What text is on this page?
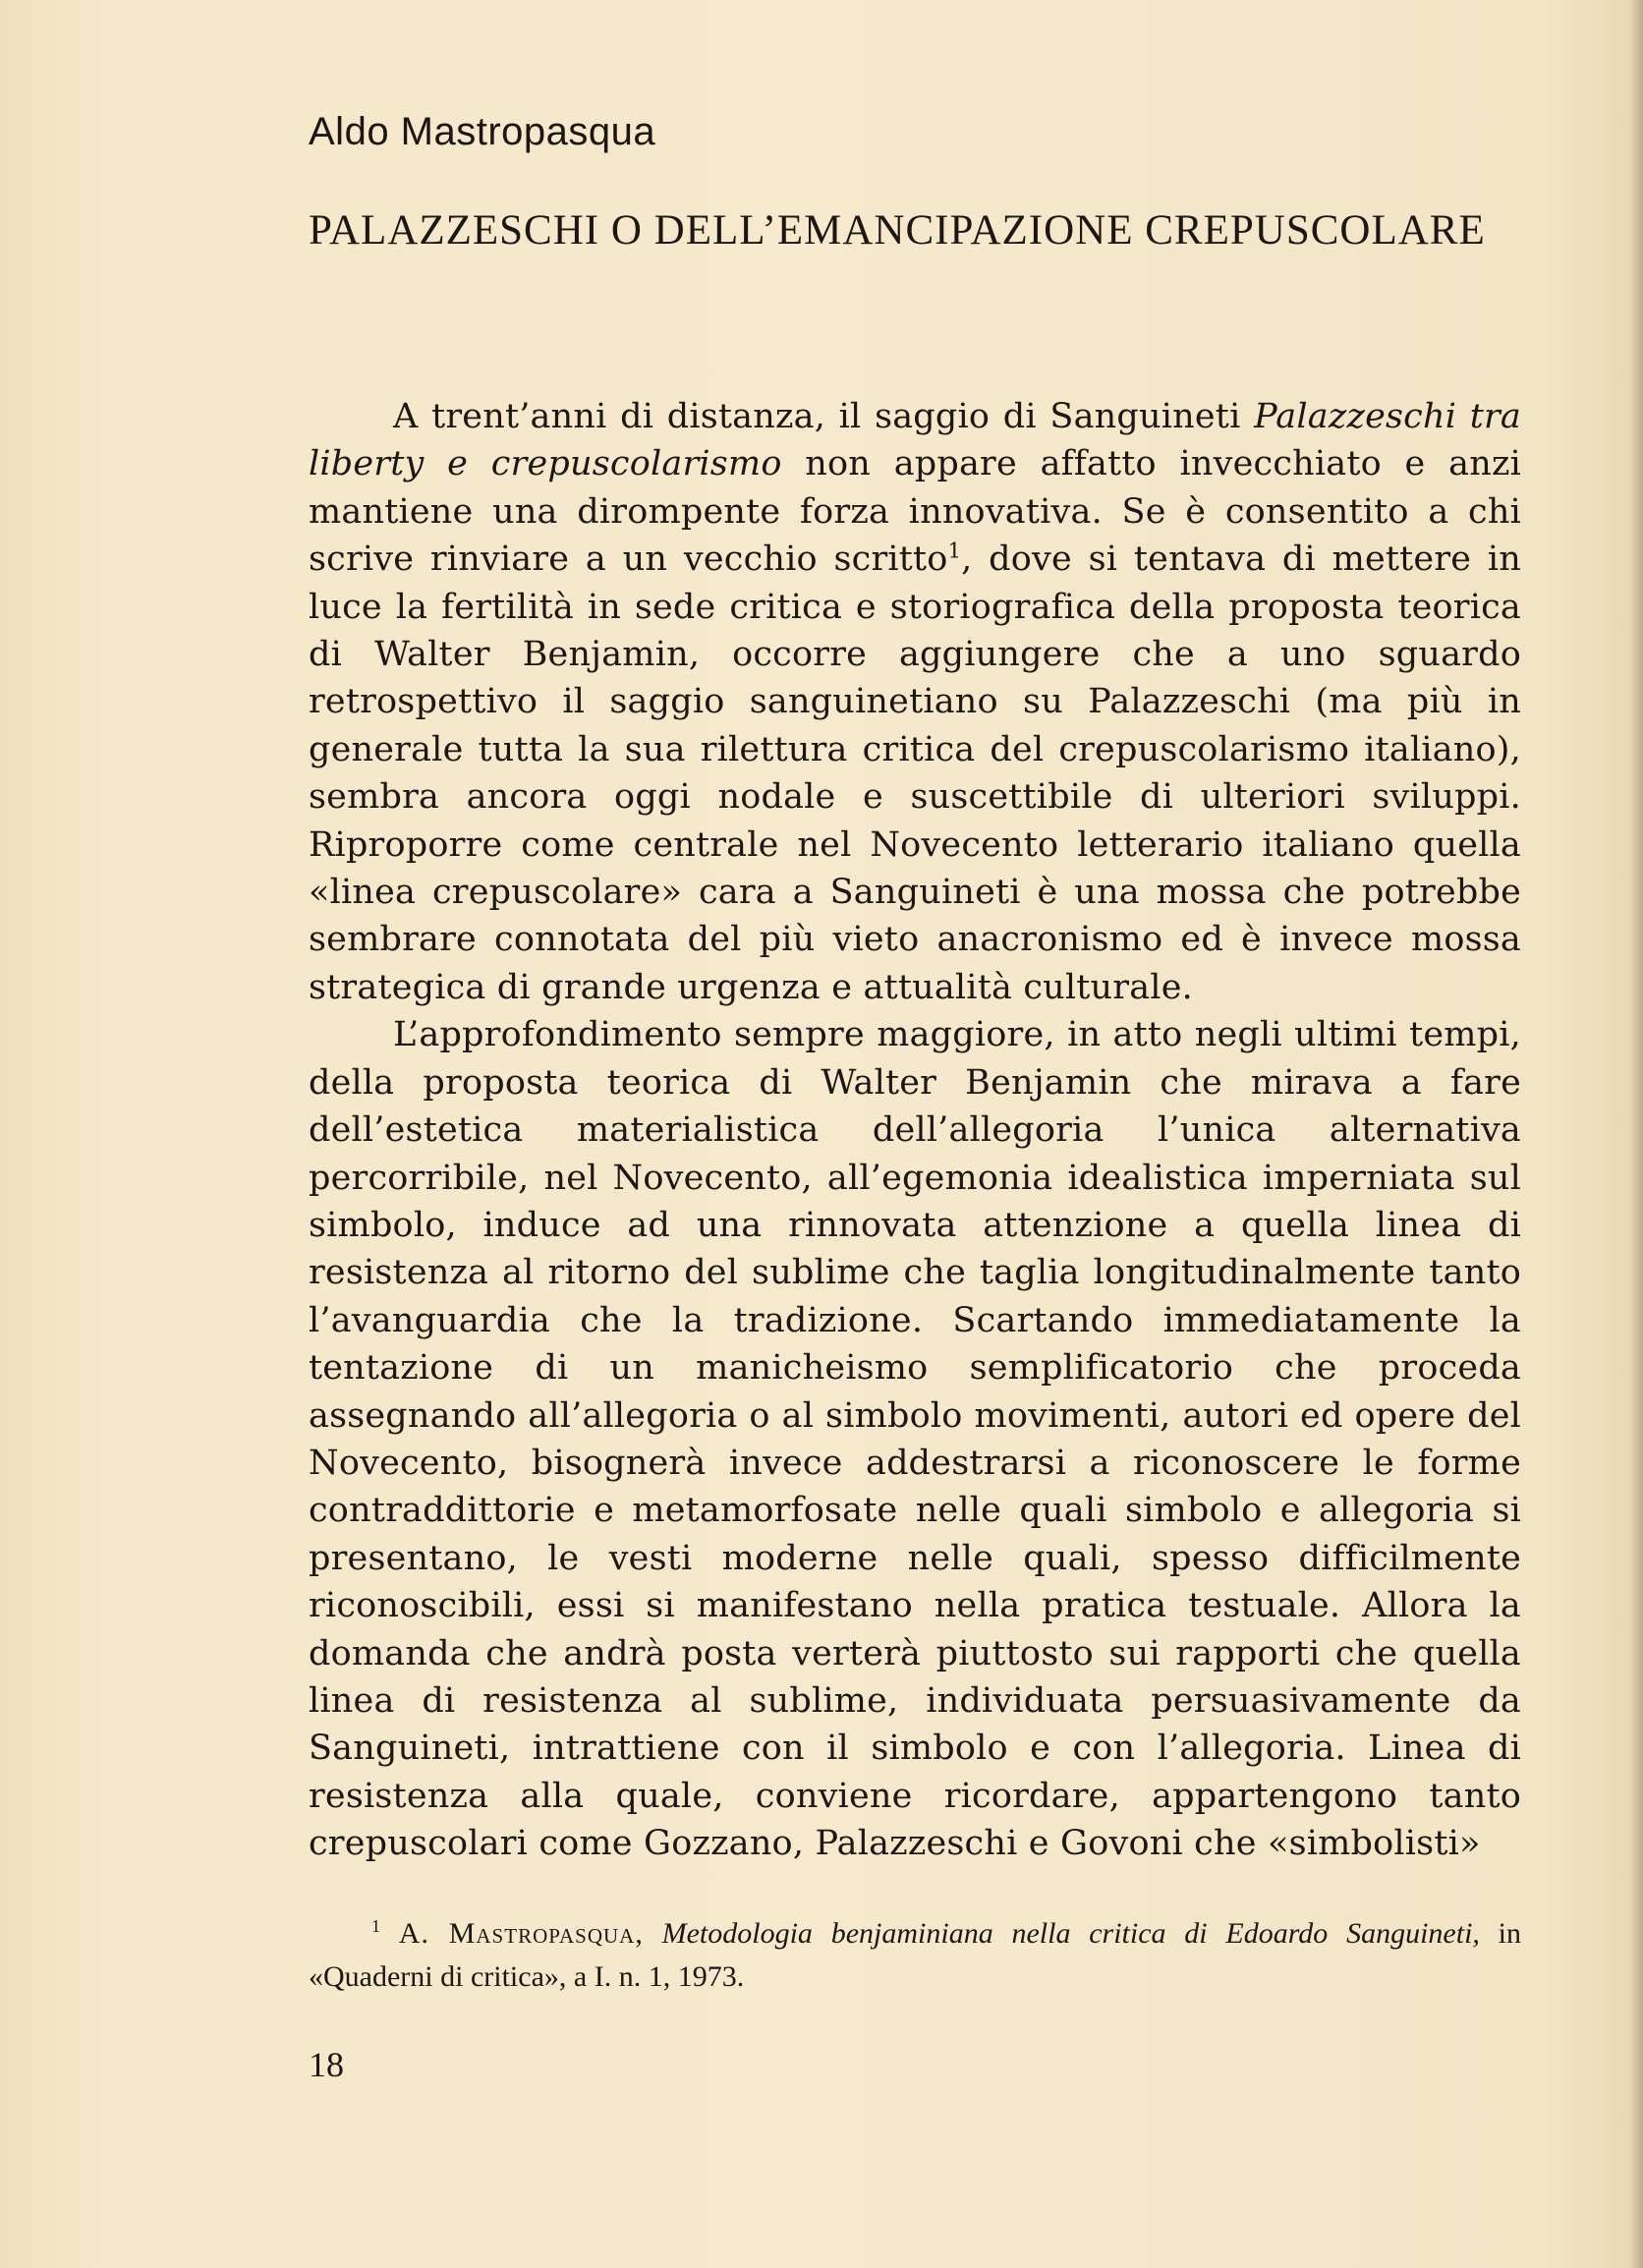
Aldo Mastropasqua
PALAZZESCHI O DELL’EMANCIPAZIONE CREPUSCOLARE

A trent’anni di distanza, il saggio di Sanguineti Palazzeschi tra liberty e crepuscolarismo non appare affatto invecchiato e anzi mantiene una dirompente forza innovativa. Se è consentito a chi scrive rinviare a un vecchio scritto$^1$, dove si tentava di mettere in luce la fertilità in sede critica e storiografica della proposta teorica di Walter Benjamin, occorre aggiungere che a uno sguardo retrospettivo il saggio sanguinetiano su Palazzeschi (ma più in generale tutta la sua rilettura critica del crepuscolarismo italiano), sembra ancora oggi nodale e suscettibile di ulteriori sviluppi. Riproporre come centrale nel Novecento letterario italiano quella «linea crepuscolare» cara a Sanguineti è una mossa che potrebbe sembrare connotata del più vieto anacronismo ed è invece mossa strategica di grande urgenza e attualità culturale.

L’approfondimento sempre maggiore, in atto negli ultimi tempi, della proposta teorica di Walter Benjamin che mirava a fare dell’estetica materialistica dell’allegoria l’unica alternativa percorribile, nel Novecento, all’egemonia idealistica imperniata sul simbolo, induce ad una rinnovata attenzione a quella linea di resistenza al ritorno del sublime che taglia longitudinalmente tanto l’avanguardia che la tradizione. Scartando immediatamente la tentazione di un manicheismo semplificatorio che proceda assegnando all’allegoria o al simbolo movimenti, autori ed opere del Novecento, bisognerà invece addestrarsi a riconoscere le forme contraddittorie e metamorfosate nelle quali simbolo e allegoria si presentano, le vesti moderne nelle quali, spesso difficilmente riconoscibili, essi si manifestano nella pratica testuale. Allora la domanda che andrà posta verterà piuttosto sui rapporti che quella linea di resistenza al sublime, individuata persuasivamente da Sanguineti, intrattiene con il simbolo e con l’allegoria. Linea di resistenza alla quale, conviene ricordare, appartengono tanto crepuscolari come Gozzano, Palazzeschi e Govoni che «simbolisti»

$^1$ A. Mastropasqua, Metodologia benjaminiana nella critica di Edoardo Sanguineti, in «Quaderni di critica», a I. n. 1, 1973.
18
